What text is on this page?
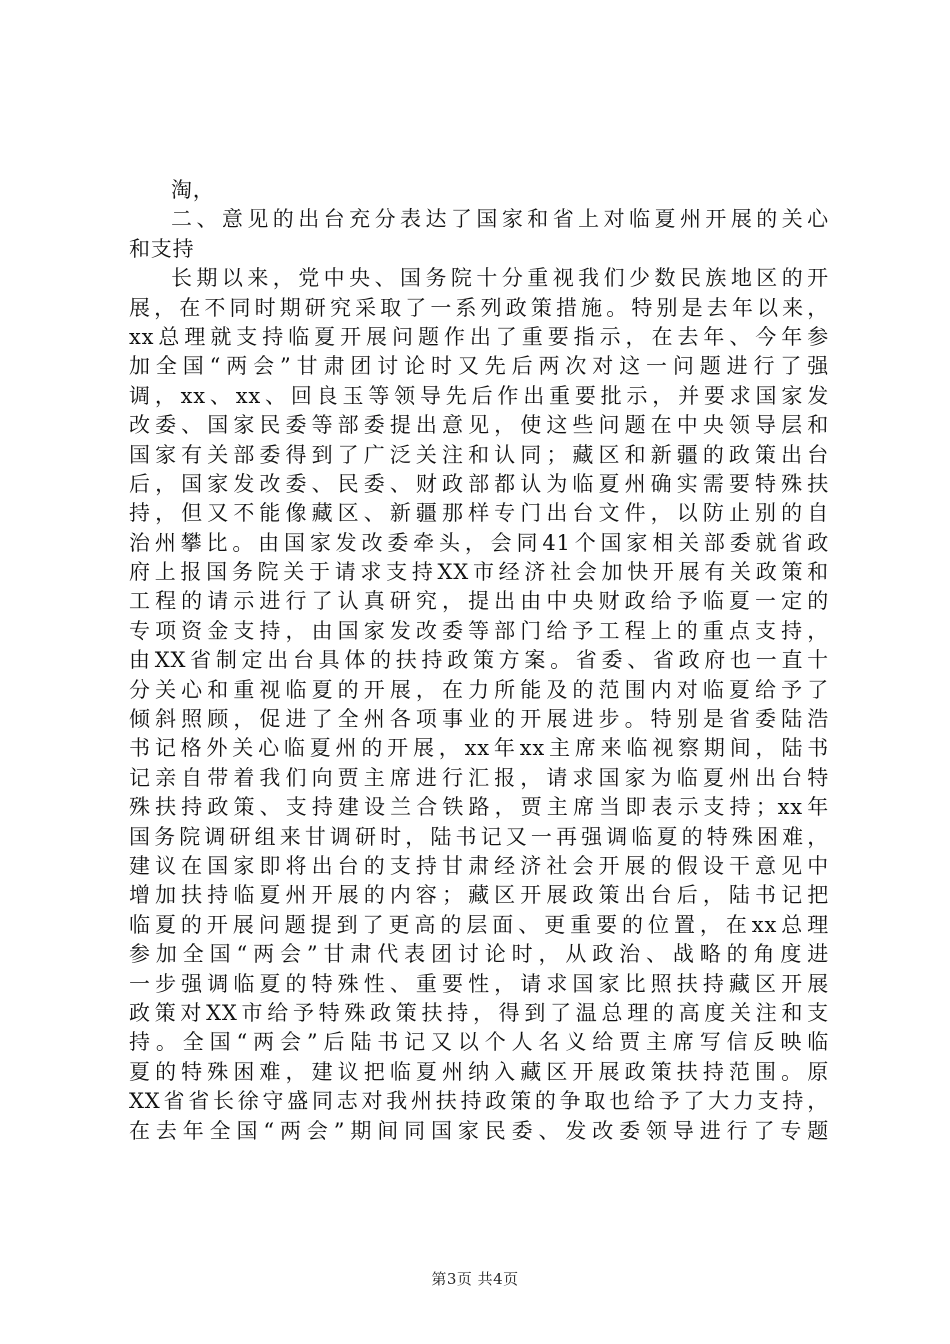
淘，
二、意见的出台充分表达了国家和省上对临夏州开展的关心
和支持
长期以来，党中央、国务院十分重视我们少数民族地区的开
展，在不同时期研究采取了一系列政策措施。特别是去年以来，
xx总理就支持临夏开展问题作出了重要指示，在去年、今年参
加全国“两会”甘肃团讨论时又先后两次对这一问题进行了强
调，xx、xx、回良玉等领导先后作出重要批示，并要求国家发
改委、国家民委等部委提出意见，使这些问题在中央领导层和
国家有关部委得到了广泛关注和认同；藏区和新疆的政策出台
后，国家发改委、民委、财政部都认为临夏州确实需要特殊扶
持，但又不能像藏区、新疆那样专门出台文件，以防止别的自
治州攀比。由国家发改委牵头，会同41个国家相关部委就省政
府上报国务院关于请求支持XX市经济社会加快开展有关政策和
工程的请示进行了认真研究，提出由中央财政给予临夏一定的
专项资金支持，由国家发改委等部门给予工程上的重点支持，
由XX省制定出台具体的扶持政策方案。省委、省政府也一直十
分关心和重视临夏的开展，在力所能及的范围内对临夏给予了
倾斜照顾，促进了全州各项事业的开展进步。特别是省委陆浩
书记格外关心临夏州的开展，xx年xx主席来临视察期间，陆书
记亲自带着我们向贾主席进行汇报，请求国家为临夏州出台特
殊扶持政策、支持建设兰合铁路，贾主席当即表示支持；xx年
国务院调研组来甘调研时，陆书记又一再强调临夏的特殊困难，
建议在国家即将出台的支持甘肃经济社会开展的假设干意见中
增加扶持临夏州开展的内容；藏区开展政策出台后，陆书记把
临夏的开展问题提到了更高的层面、更重要的位置，在xx总理
参加全国“两会”甘肃代表团讨论时，从政治、战略的角度进
一步强调临夏的特殊性、重要性，请求国家比照扶持藏区开展
政策对XX市给予特殊政策扶持，得到了温总理的高度关注和支
持。全国“两会”后陆书记又以个人名义给贾主席写信反映临
夏的特殊困难，建议把临夏州纳入藏区开展政策扶持范围。原
XX省省长徐守盛同志对我州扶持政策的争取也给予了大力支持，
在去年全国“两会”期间同国家民委、发改委领导进行了专题
第3页 共4页
